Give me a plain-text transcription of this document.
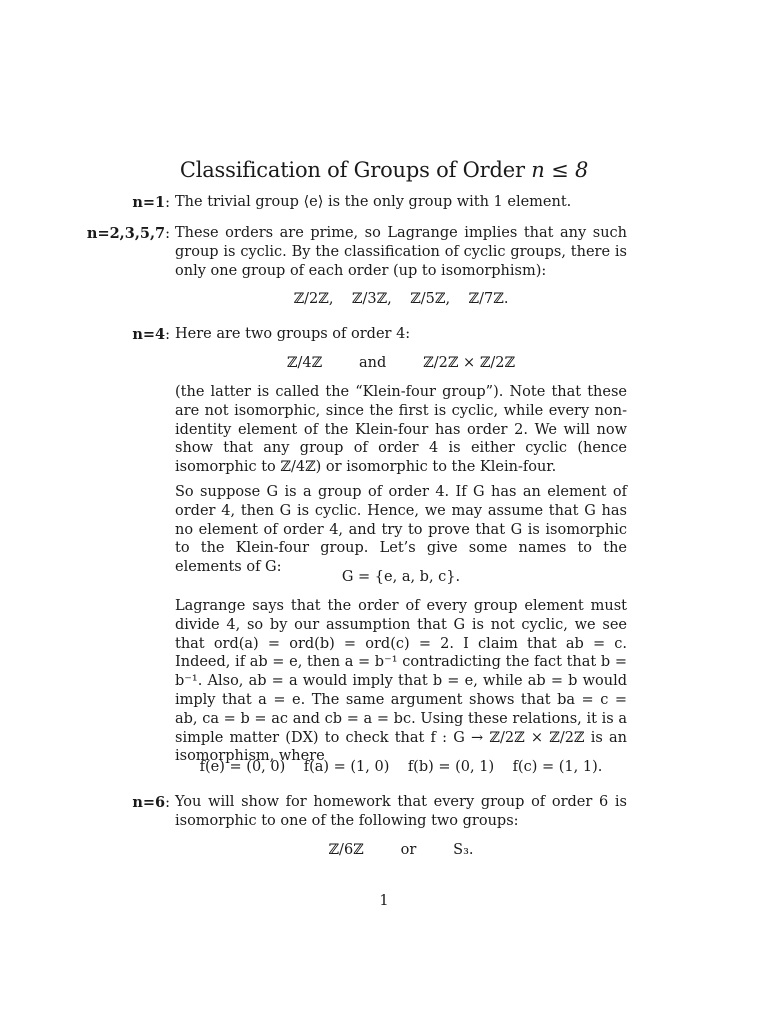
Classification of Groups of Order n ≤ 8
n=1: The trivial group ⟨e⟩ is the only group with 1 element.

n=2,3,5,7: These orders are prime, so Lagrange implies that any such group is cyclic. By the classification of cyclic groups, there is only one group of each order (up to isomorphism):

ℤ/2ℤ,    ℤ/3ℤ,    ℤ/5ℤ,    ℤ/7ℤ.
n=4: Here are two groups of order 4:

ℤ/4ℤ        and        ℤ/2ℤ × ℤ/2ℤ

(the latter is called the “Klein-four group”). Note that these are not isomorphic, since the first is cyclic, while every non-identity element of the Klein-four has order 2. We will now show that any group of order 4 is either cyclic (hence isomorphic to ℤ/4ℤ) or isomorphic to the Klein-four.

So suppose G is a group of order 4. If G has an element of order 4, then G is cyclic. Hence, we may assume that G has no element of order 4, and try to prove that G is isomorphic to the Klein-four group. Let’s give some names to the elements of G:

G = {e, a, b, c}.

Lagrange says that the order of every group element must divide 4, so by our assumption that G is not cyclic, we see that ord(a) = ord(b) = ord(c) = 2. I claim that ab = c. Indeed, if ab = e, then a = b⁻¹ contradicting the fact that b = b⁻¹. Also, ab = a would imply that b = e, while ab = b would imply that a = e. The same argument shows that ba = c = ab, ca = b = ac and cb = a = bc. Using these relations, it is a simple matter (DX) to check that f : G → ℤ/2ℤ × ℤ/2ℤ is an isomorphism, where

f(e) = (0, 0)    f(a) = (1, 0)    f(b) = (0, 1)    f(c) = (1, 1).
n=6: You will show for homework that every group of order 6 is isomorphic to one of the following two groups:

ℤ/6ℤ        or        S₃.
1
